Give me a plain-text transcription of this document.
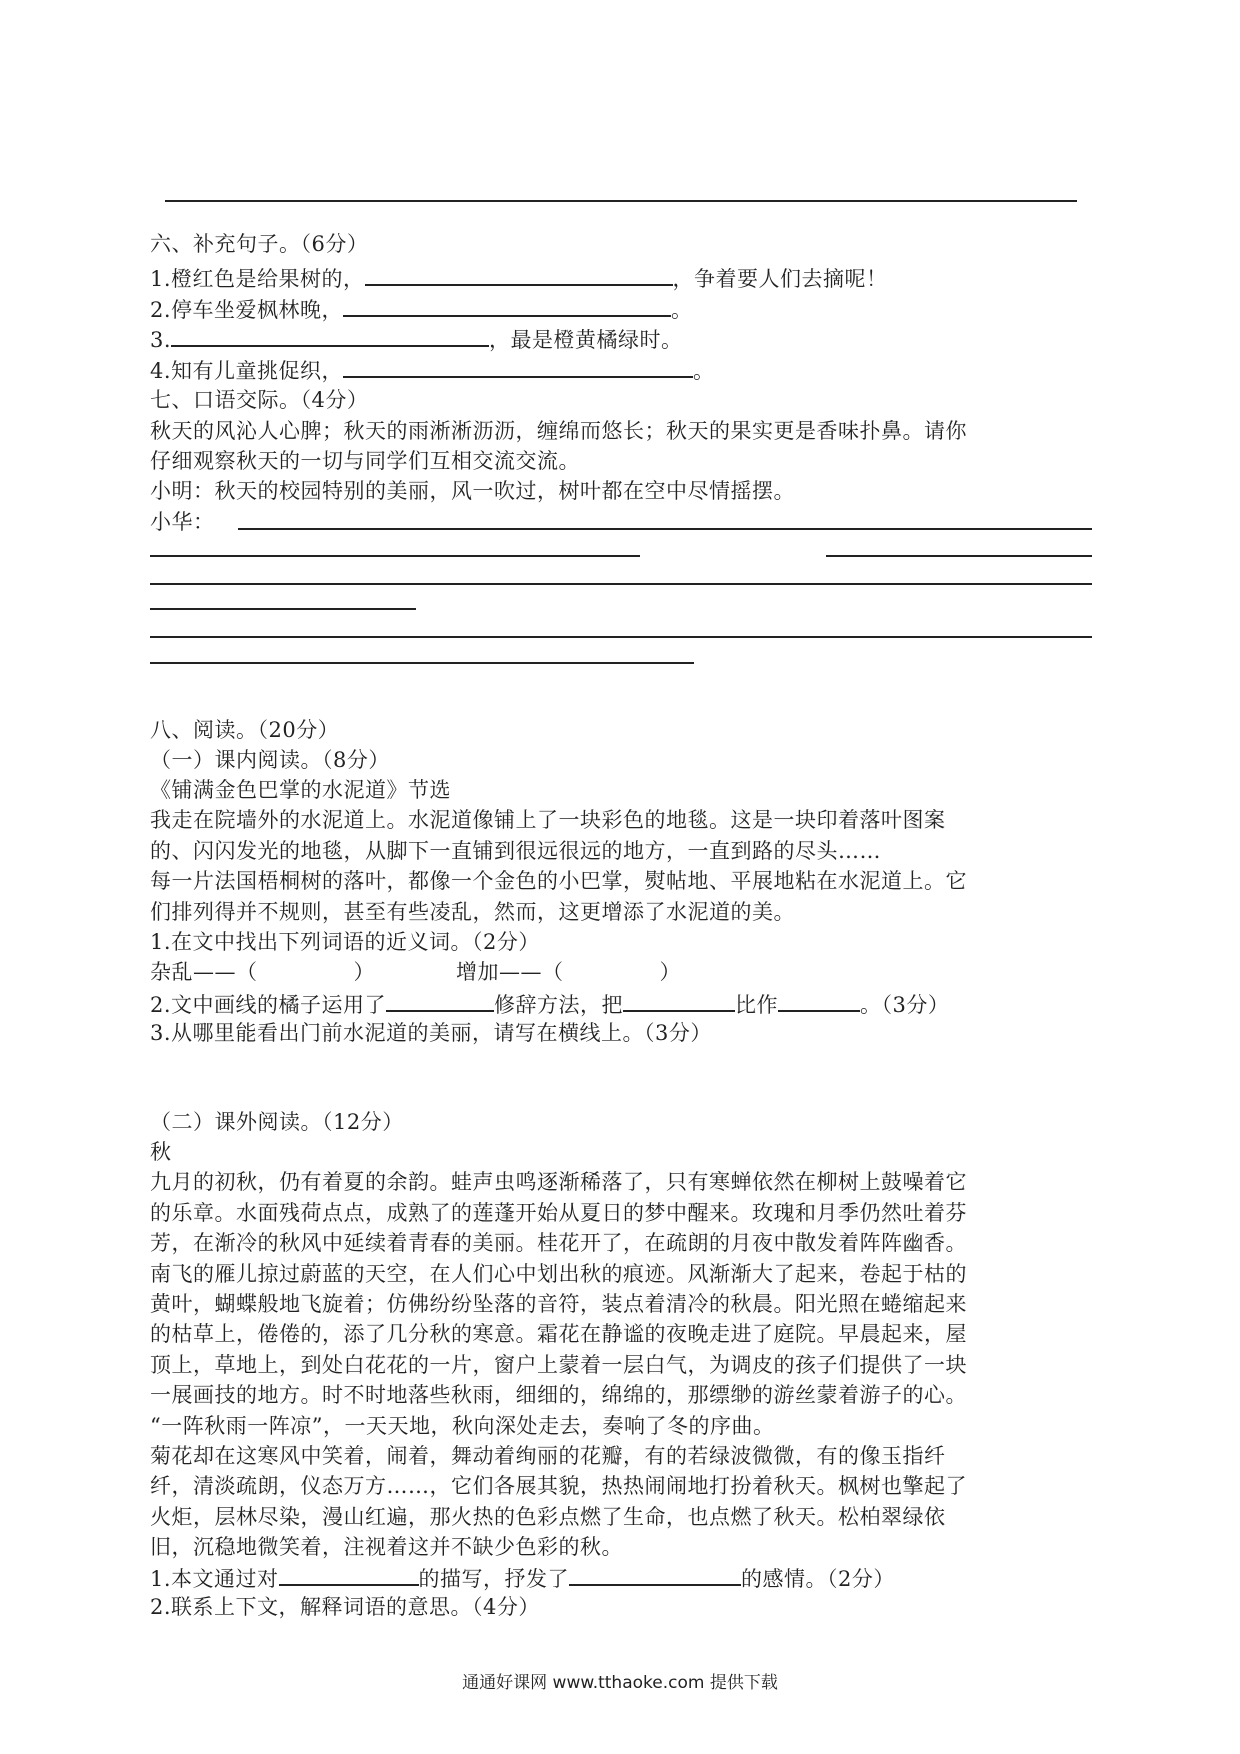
六、补充句子。（6分）
1.橙红色是给果树的，	，争着要人们去摘呢！
2.停车坐爱枫林晚，	。
3.	，最是橙黄橘绿时。
4.知有儿童挑促织，	。
七、口语交际。（4分）
秋天的风沁人心脾；秋天的雨淅淅沥沥，缠绵而悠长；秋天的果实更是香味扑鼻。请你
仔细观察秋天的一切与同学们互相交流交流。
小明：秋天的校园特别的美丽，风一吹过，树叶都在空中尽情摇摆。
小华：
八、阅读。（20分）
（一）课内阅读。（8分）
《铺满金色巴掌的水泥道》节选
我走在院墙外的水泥道上。水泥道像铺上了一块彩色的地毯。这是一块印着落叶图案
的、闪闪发光的地毯，从脚下一直铺到很远很远的地方，一直到路的尽头……
每一片法国梧桐树的落叶，都像一个金色的小巴掌，熨帖地、平展地粘在水泥道上。它
们排列得并不规则，甚至有些凌乱，然而，这更增添了水泥道的美。
1.在文中找出下列词语的近义词。（2分）
杂乱——（	）	增加——（	）
2.文中画线的橘子运用了	修辞方法，把	比作	。（3分）
3.从哪里能看出门前水泥道的美丽，请写在横线上。（3分）
（二）课外阅读。（12分）
秋
九月的初秋，仍有着夏的余韵。蛙声虫鸣逐渐稀落了，只有寒蝉依然在柳树上鼓噪着它
的乐章。水面残荷点点，成熟了的莲蓬开始从夏日的梦中醒来。玫瑰和月季仍然吐着芬
芳，在渐冷的秋风中延续着青春的美丽。桂花开了，在疏朗的月夜中散发着阵阵幽香。
南飞的雁儿掠过蔚蓝的天空，在人们心中划出秋的痕迹。风渐渐大了起来，卷起于枯的
黄叶，蝴蝶般地飞旋着；仿佛纷纷坠落的音符，装点着清冷的秋晨。阳光照在蜷缩起来
的枯草上，倦倦的，添了几分秋的寒意。霜花在静谧的夜晚走进了庭院。早晨起来，屋
顶上，草地上，到处白花花的一片，窗户上蒙着一层白气，为调皮的孩子们提供了一块
一展画技的地方。时不时地落些秋雨，细细的，绵绵的，那缥缈的游丝蒙着游子的心。
“一阵秋雨一阵凉”，一天天地，秋向深处走去，奏响了冬的序曲。
菊花却在这寒风中笑着，闹着，舞动着绚丽的花瓣，有的若绿波微微，有的像玉指纤
纤，清淡疏朗，仪态万方……，它们各展其貌，热热闹闹地打扮着秋天。枫树也擎起了
火炬，层林尽染，漫山红遍，那火热的色彩点燃了生命，也点燃了秋天。松柏翠绿依
旧，沉稳地微笑着，注视着这并不缺少色彩的秋。
1.本文通过对	的描写，抒发了	的感情。（2分）
2.联系上下文，解释词语的意思。（4分）
通通好课网 www.tthaoke.com 提供下载
